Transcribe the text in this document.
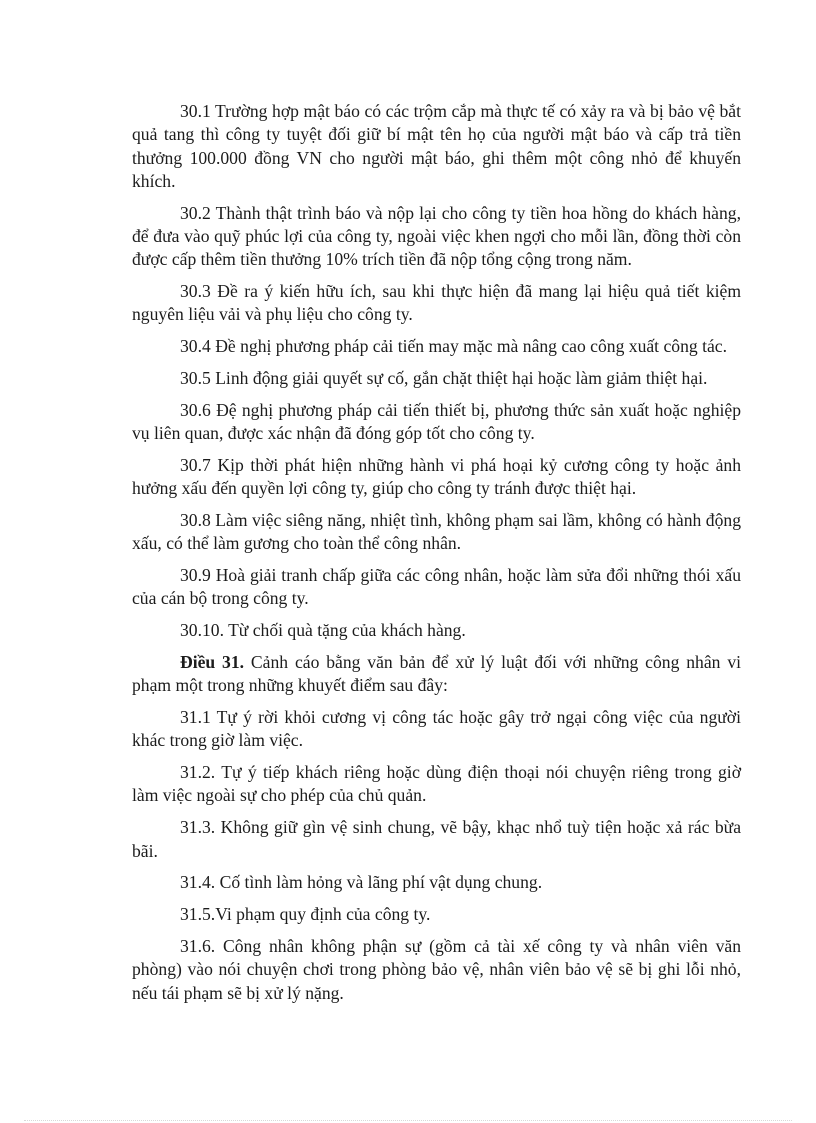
30.1 Trường hợp mật báo có các trộm cắp mà thực tế có xảy ra và bị bảo vệ bắt quả tang thì công ty tuyệt đối giữ bí mật tên họ của người mật báo và cấp trả tiền thưởng 100.000 đồng VN cho người mật báo, ghi thêm một công nhỏ để khuyến khích.

30.2 Thành thật trình báo và nộp lại cho công ty tiền hoa hồng do khách hàng, để đưa vào quỹ phúc lợi của công ty, ngoài việc khen ngợi cho mỗi lần, đồng thời còn được cấp thêm tiền thưởng 10% trích tiền đã nộp tổng cộng trong năm.

30.3 Đề ra ý kiến hữu ích, sau khi thực hiện đã mang lại hiệu quả tiết kiệm nguyên liệu vải và phụ liệu cho công ty.

30.4 Đề nghị phương pháp cải tiến may mặc mà nâng cao công xuất công tác.

30.5 Linh động giải quyết sự cố, gắn chặt thiệt hại hoặc làm giảm thiệt hại.

30.6 Đệ nghị phương pháp cải tiến thiết bị, phương thức sản xuất hoặc nghiệp vụ liên quan, được xác nhận đã đóng góp tốt cho công ty.

30.7 Kịp thời phát hiện những hành vi phá hoại kỷ cương công ty hoặc ảnh hưởng xấu đến quyền lợi công ty, giúp cho công ty tránh được thiệt hại.

30.8 Làm việc siêng năng, nhiệt tình, không phạm sai lầm, không có hành động xấu, có thể làm gương cho toàn thể công nhân.

30.9 Hoà giải tranh chấp giữa các công nhân, hoặc làm sửa đổi những thói xấu của cán bộ trong công ty.

30.10. Từ chối quà tặng của khách hàng.

Điều 31. Cảnh cáo bằng văn bản để xử lý luật đối với những công nhân vi phạm một trong những khuyết điểm sau đây:

31.1 Tự ý rời khỏi cương vị công tác hoặc gây trở ngại công việc của người khác trong giờ làm việc.

31.2. Tự ý tiếp khách riêng hoặc dùng điện thoại nói chuyện riêng trong giờ làm việc ngoài sự cho phép của chủ quản.

31.3. Không giữ gìn vệ sinh chung, vẽ bậy, khạc nhổ tuỳ tiện hoặc xả rác bừa bãi.

31.4. Cố tình làm hỏng và lãng phí vật dụng chung.

31.5.Vi phạm quy định của công ty.

31.6. Công nhân không phận sự (gồm cả tài xế công ty và nhân viên văn phòng) vào nói chuyện chơi trong phòng bảo vệ, nhân viên bảo vệ sẽ bị ghi lỗi nhỏ, nếu tái phạm sẽ bị xử lý nặng.
